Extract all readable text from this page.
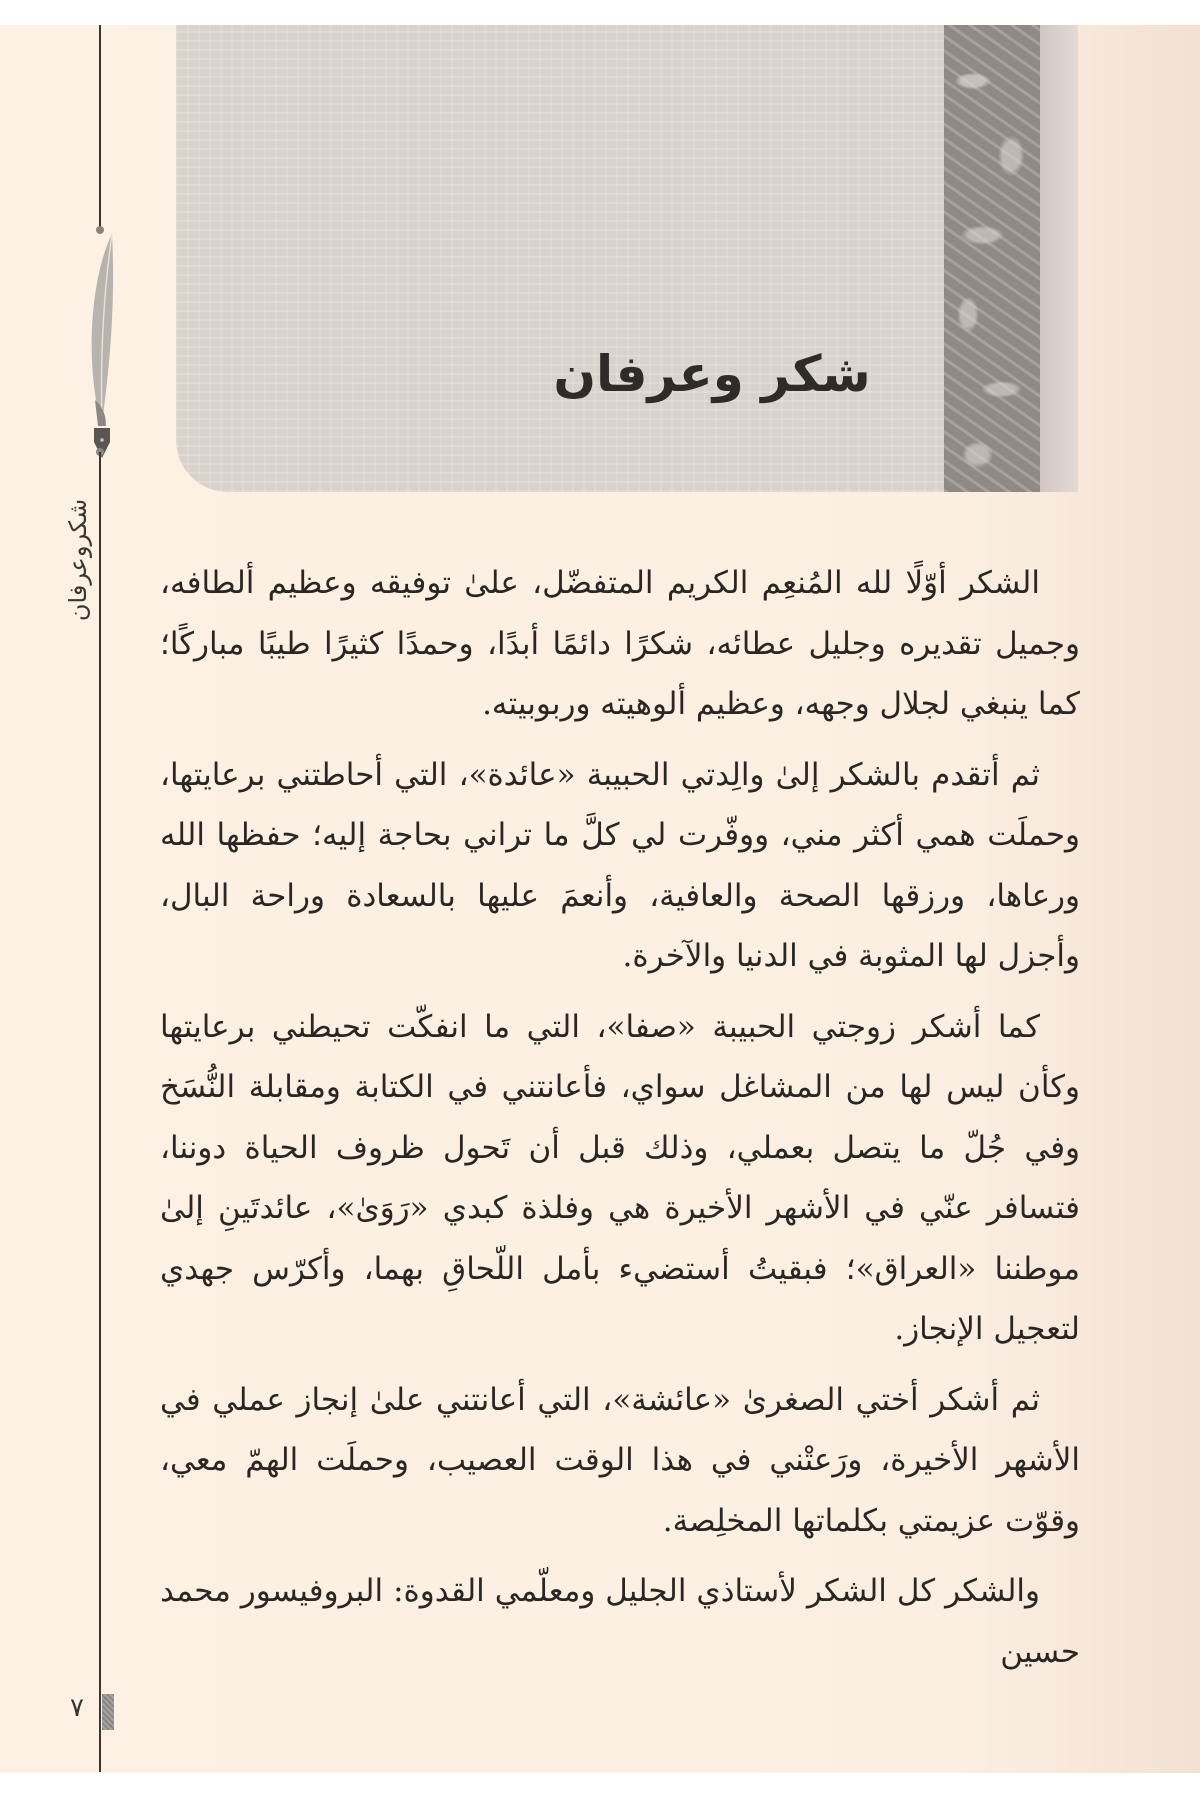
شكروعرفان
٧
شكر وعرفان

الشكر أوّلًا لله المُنعِم الكريم المتفضّل، علىٰ توفيقه وعظيم ألطافه، وجميل تقديره وجليل عطائه، شكرًا دائمًا أبدًا، وحمدًا كثيرًا طيبًا مباركًا؛ كما ينبغي لجلال وجهه، وعظيم ألوهيته وربوبيته.

ثم أتقدم بالشكر إلىٰ والِدتي الحبيبة «عائدة»، التي أحاطتني برعايتها، وحملَت همي أكثر مني، ووفّرت لي كلَّ ما تراني بحاجة إليه؛ حفظها الله ورعاها، ورزقها الصحة والعافية، وأنعمَ عليها بالسعادة وراحة البال، وأجزل لها المثوبة في الدنيا والآخرة.

كما أشكر زوجتي الحبيبة «صفا»، التي ما انفكّت تحيطني برعايتها وكأن ليس لها من المشاغل سواي، فأعانتني في الكتابة ومقابلة النُّسَخ وفي جُلّ ما يتصل بعملي، وذلك قبل أن تَحول ظروف الحياة دوننا، فتسافر عنّي في الأشهر الأخيرة هي وفلذة كبدي «رَوَىٰ»، عائدتَينِ إلىٰ موطننا «العراق»؛ فبقيتُ أستضيء بأمل اللّحاقِ بهما، وأكرّس جهدي لتعجيل الإنجاز.

ثم أشكر أختي الصغرىٰ «عائشة»، التي أعانتني علىٰ إنجاز عملي في الأشهر الأخيرة، ورَعتْني في هذا الوقت العصيب، وحملَت الهمّ معي، وقوّت عزيمتي بكلماتها المخلِصة.

والشكر كل الشكر لأستاذي الجليل ومعلّمي القدوة: البروفيسور محمد حسين
